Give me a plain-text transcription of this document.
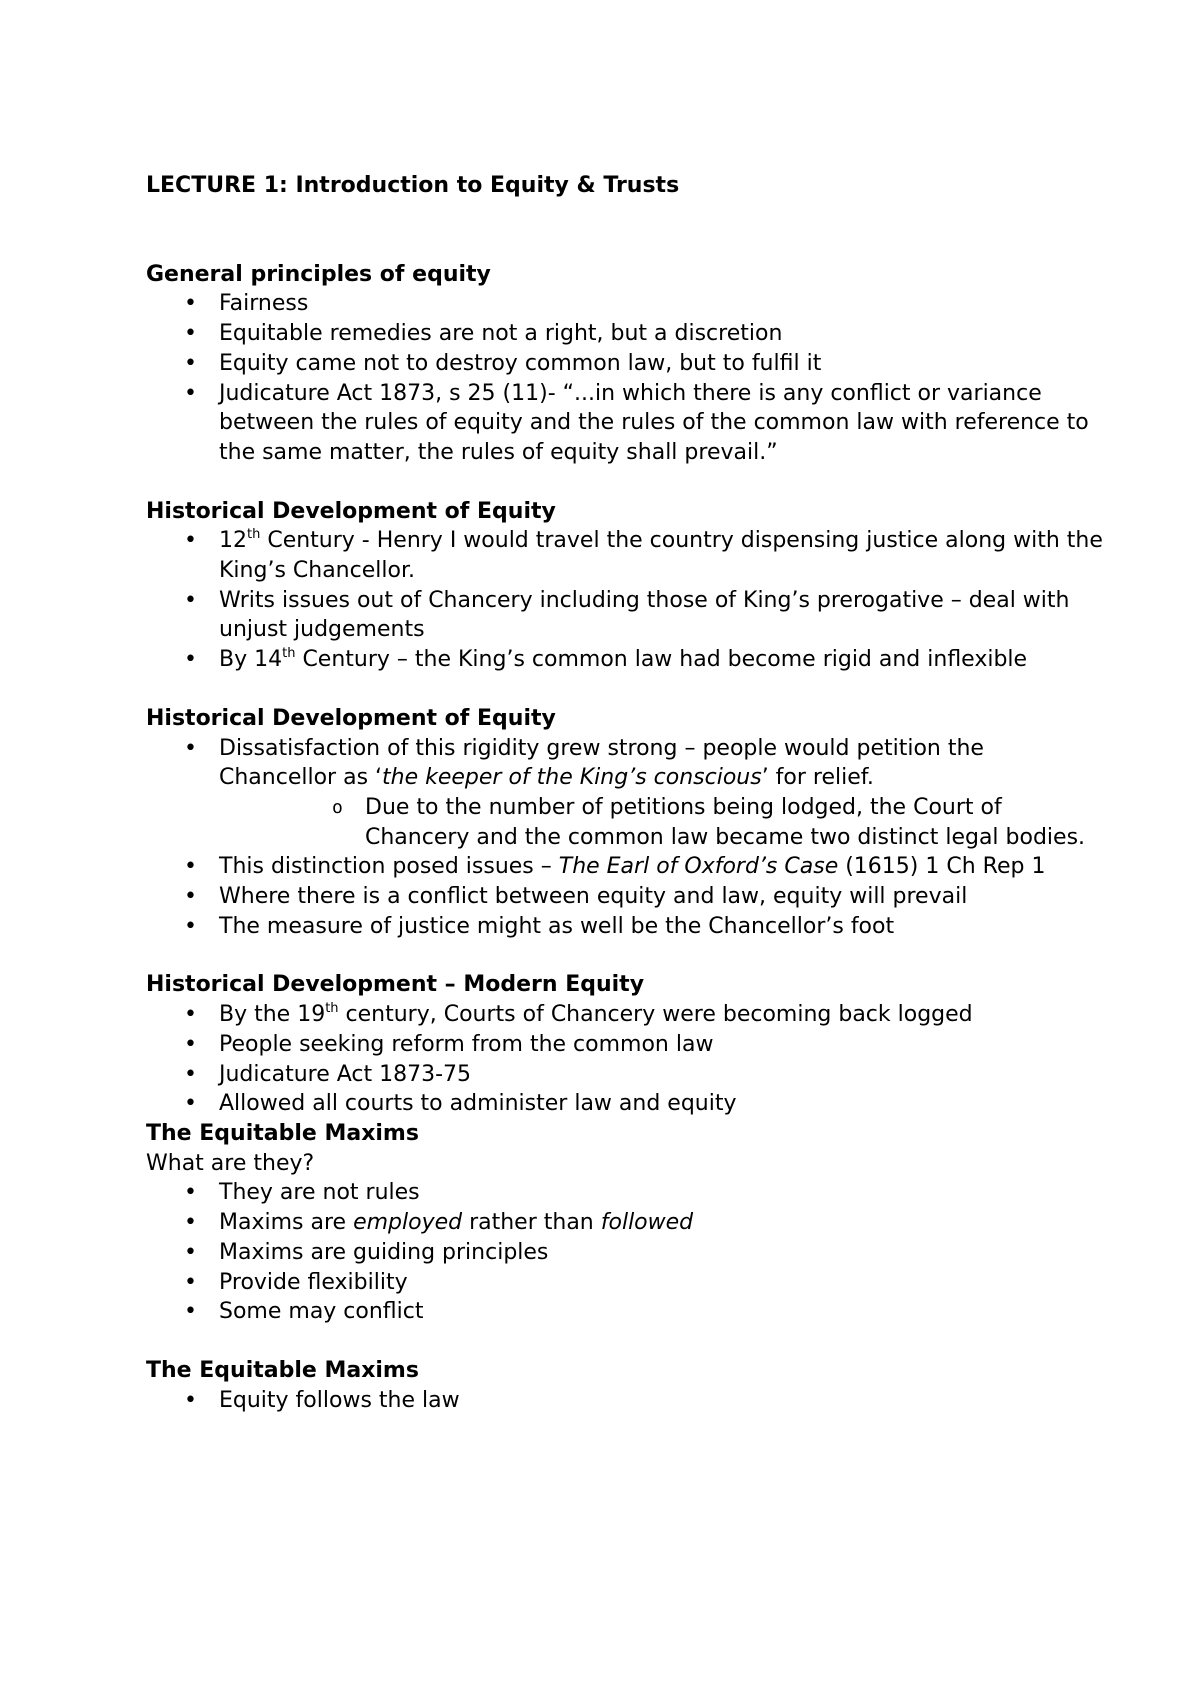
LECTURE 1: Introduction to Equity & Trusts

General principles of equity

• Fairness
• Equitable remedies are not a right, but a discretion
• Equity came not to destroy common law, but to fulfil it
• Judicature Act 1873, s 25 (11)- “...in which there is any conflict or variance between the rules of equity and the rules of the common law with reference to the same matter, the rules of equity shall prevail.”

Historical Development of Equity

• 12th Century - Henry I would travel the country dispensing justice along with the King’s Chancellor.
• Writs issues out of Chancery including those of King’s prerogative – deal with unjust judgements
• By 14th Century – the King’s common law had become rigid and inflexible

Historical Development of Equity

• Dissatisfaction of this rigidity grew strong – people would petition the Chancellor as ‘the keeper of the King’s conscious’ for relief.
o Due to the number of petitions being lodged, the Court of Chancery and the common law became two distinct legal bodies.
• This distinction posed issues – The Earl of Oxford’s Case (1615) 1 Ch Rep 1
• Where there is a conflict between equity and law, equity will prevail
• The measure of justice might as well be the Chancellor’s foot

Historical Development – Modern Equity

• By the 19th century, Courts of Chancery were becoming back logged
• People seeking reform from the common law
• Judicature Act 1873-75
• Allowed all courts to administer law and equity

The Equitable Maxims

What are they?

• They are not rules
• Maxims are employed rather than followed
• Maxims are guiding principles
• Provide flexibility
• Some may conflict

The Equitable Maxims

• Equity follows the law
